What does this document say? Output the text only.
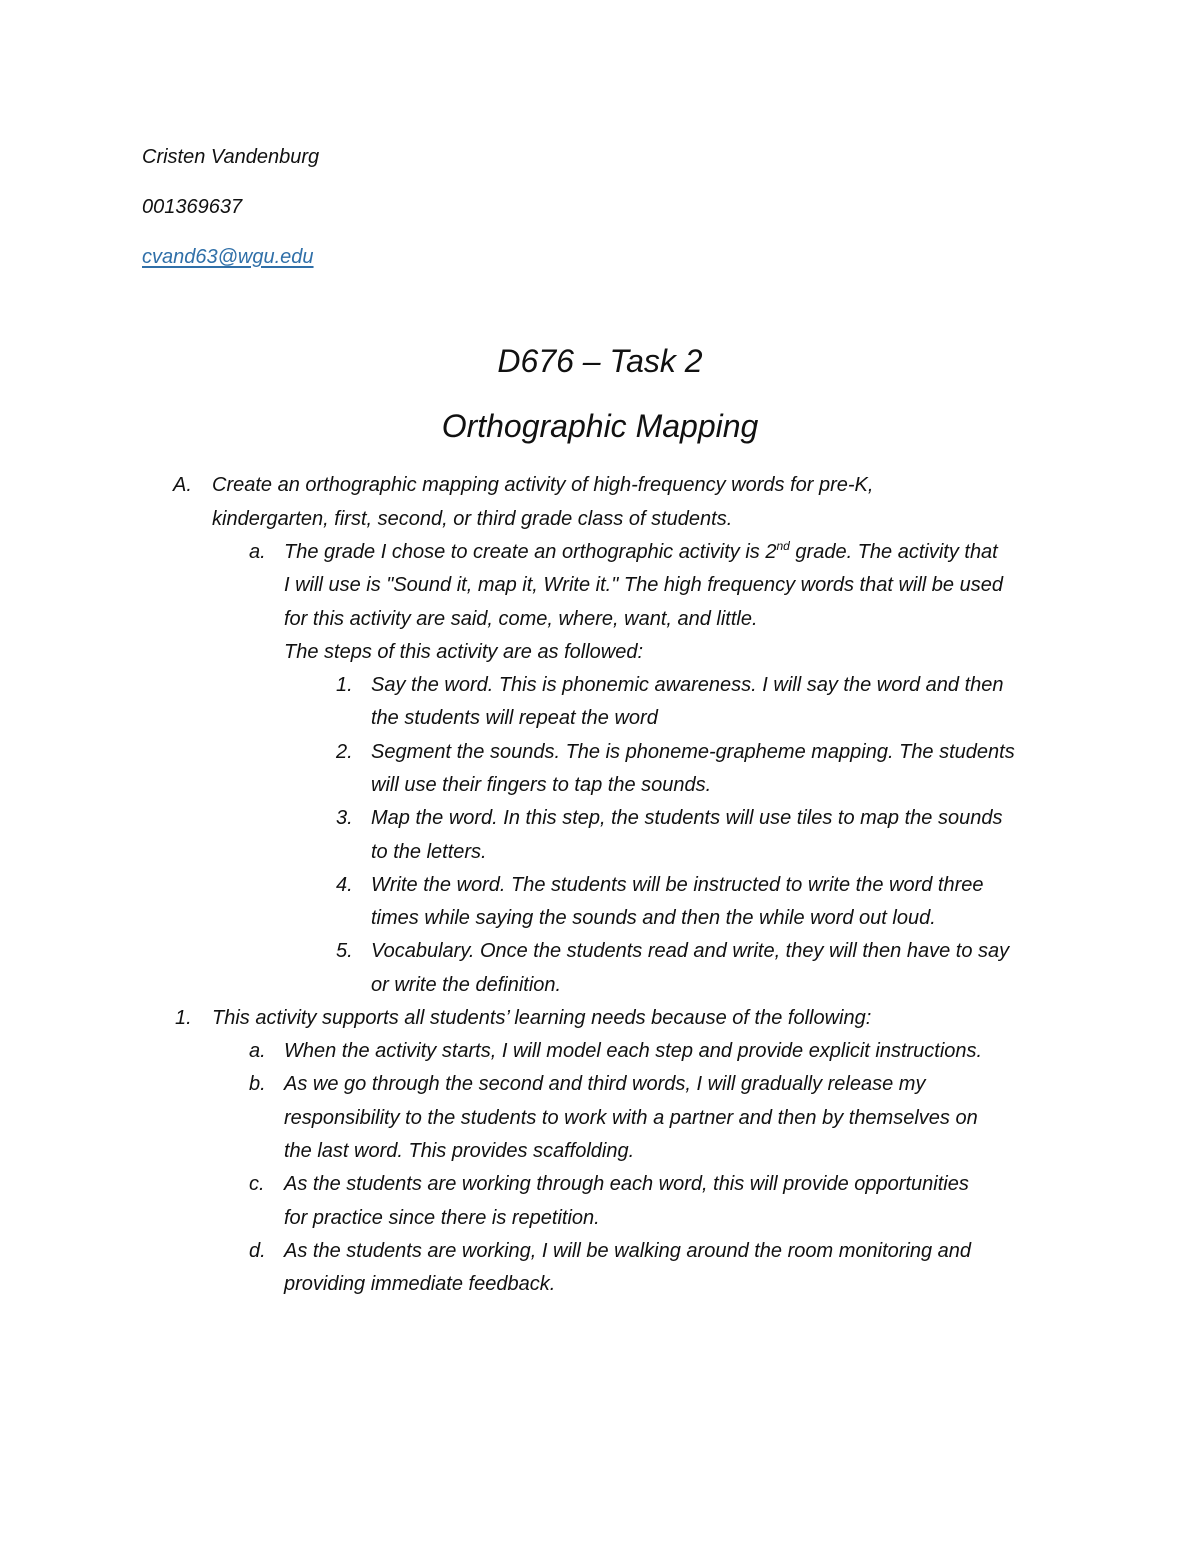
Cristen Vandenburg
001369637
cvand63@wgu.edu
D676 – Task 2
Orthographic Mapping
A. Create an orthographic mapping activity of high-frequency words for pre-K,
kindergarten, first, second, or third grade class of students.
a. The grade I chose to create an orthographic activity is 2nd grade. The activity that
I will use is "Sound it, map it, Write it." The high frequency words that will be used
for this activity are said, come, where, want, and little.
The steps of this activity are as followed:
1. Say the word. This is phonemic awareness. I will say the word and then
the students will repeat the word
2. Segment the sounds. The is phoneme-grapheme mapping. The students
will use their fingers to tap the sounds.
3. Map the word. In this step, the students will use tiles to map the sounds
to the letters.
4. Write the word. The students will be instructed to write the word three
times while saying the sounds and then the while word out loud.
5. Vocabulary. Once the students read and write, they will then have to say
or write the definition.
1. This activity supports all students’ learning needs because of the following:
a. When the activity starts, I will model each step and provide explicit instructions.
b. As we go through the second and third words, I will gradually release my
responsibility to the students to work with a partner and then by themselves on
the last word. This provides scaffolding.
c. As the students are working through each word, this will provide opportunities
for practice since there is repetition.
d. As the students are working, I will be walking around the room monitoring and
providing immediate feedback.
